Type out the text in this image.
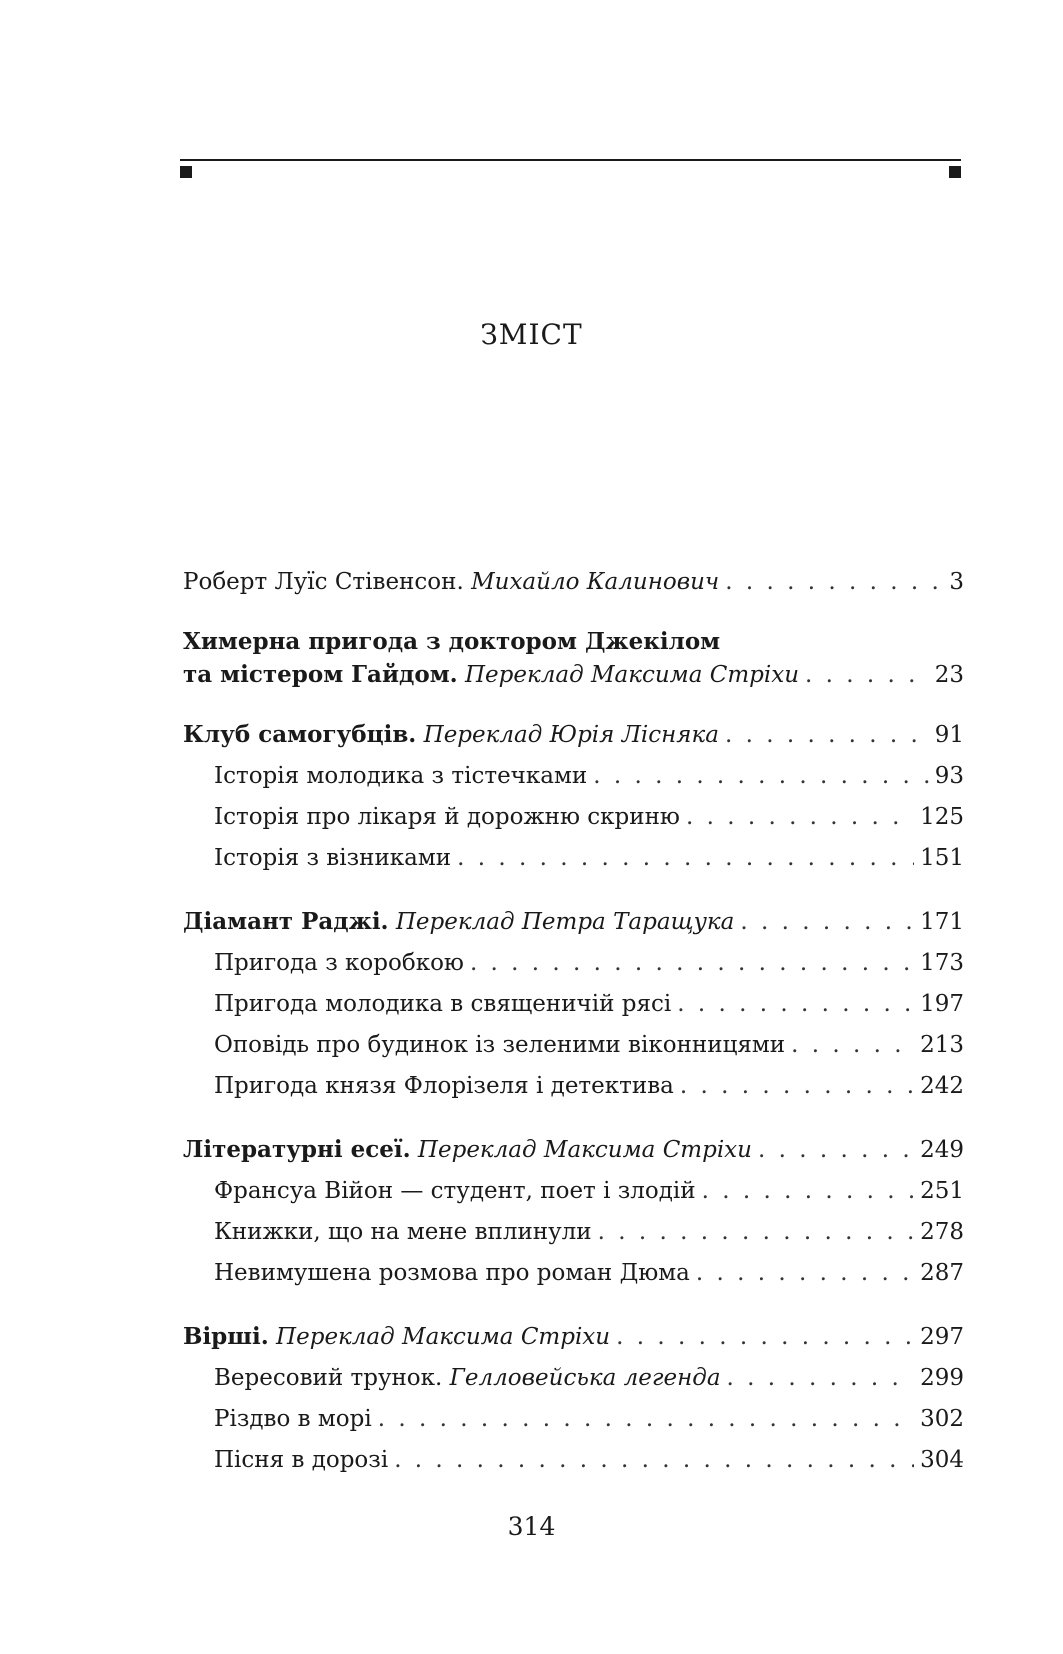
ЗМІСТ
Роберт Луїс Стівенсон. Михайло Калинович . . .	3
Химерна пригода з доктором Джекілом
та містером Гайдом. Переклад Максима Стріхи . . .	23
Клуб самогубців. Переклад Юрія Лісняка . . .	91
Історія молодика з тістечками . . .	93
Історія про лікаря й дорожню скриню . . .	125
Історія з візниками . . .	151
Діамант Раджі. Переклад Петра Таращука . . .	171
Пригода з коробкою . . .	173
Пригода молодика в священичій рясі . . .	197
Оповідь про будинок із зеленими віконницями . . .	213
Пригода князя Флорізеля і детектива . . .	242
Літературні есеї. Переклад Максима Стріхи . . .	249
Франсуа Війон — студент, поет і злодій . . .	251
Книжки, що на мене вплинули . . .	278
Невимушена розмова про роман Дюма . . .	287
Вірші. Переклад Максима Стріхи . . .	297
Вересовий трунок. Гелловейська легенда . . .	299
Різдво в морі . . .	302
Пісня в дорозі . . .	304
314
